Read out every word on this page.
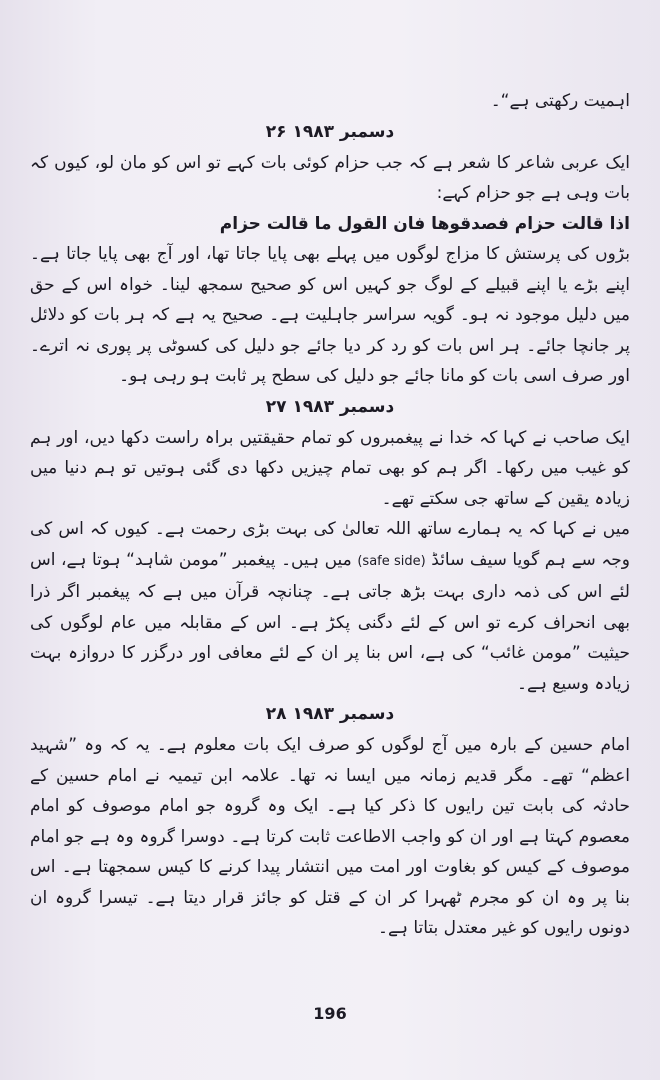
اہمیت رکھتی ہے“۔

۲۶ دسمبر ۱۹۸۳

ایک عربی شاعر کا شعر ہے کہ جب حزام کوئی بات کہے تو اس کو مان لو، کیوں کہ بات وہی ہے جو حزام کہے:

اذا قالت حزام فصدقوها فان القول ما قالت حزام

بڑوں کی پرستش کا مزاج لوگوں میں پہلے بھی پایا جاتا تھا، اور آج بھی پایا جاتا ہے۔ اپنے بڑے یا اپنے قبیلے کے لوگ جو کہیں اس کو صحیح سمجھ لینا۔ خواہ اس کے حق میں دلیل موجود نہ ہو۔ گویہ سراسر جاہلیت ہے۔ صحیح یہ ہے کہ ہر بات کو دلائل پر جانچا جائے۔ ہر اس بات کو رد کر دیا جائے جو دلیل کی کسوٹی پر پوری نہ اترے۔ اور صرف اسی بات کو مانا جائے جو دلیل کی سطح پر ثابت ہو رہی ہو۔

۲۷ دسمبر ۱۹۸۳

ایک صاحب نے کہا کہ خدا نے پیغمبروں کو تمام حقیقتیں براہ راست دکھا دیں، اور ہم کو غیب میں رکھا۔ اگر ہم کو بھی تمام چیزیں دکھا دی گئی ہوتیں تو ہم دنیا میں زیادہ یقین کے ساتھ جی سکتے تھے۔

میں نے کہا کہ یہ ہمارے ساتھ اللہ تعالیٰ کی بہت بڑی رحمت ہے۔ کیوں کہ اس کی وجہ سے ہم گویا سیف سائڈ (safe side) میں ہیں۔ پیغمبر ”مومن شاہد“ ہوتا ہے، اس لئے اس کی ذمہ داری بہت بڑھ جاتی ہے۔ چنانچہ قرآن میں ہے کہ پیغمبر اگر ذرا بھی انحراف کرے تو اس کے لئے دگنی پکڑ ہے۔ اس کے مقابلہ میں عام لوگوں کی حیثیت ”مومن غائب“ کی ہے، اس بنا پر ان کے لئے معافی اور درگزر کا دروازہ بہت زیادہ وسیع ہے۔

۲۸ دسمبر ۱۹۸۳

امام حسین کے بارہ میں آج لوگوں کو صرف ایک بات معلوم ہے۔ یہ کہ وہ ”شہید اعظم“ تھے۔ مگر قدیم زمانہ میں ایسا نہ تھا۔ علامہ ابن تیمیہ نے امام حسین کے حادثہ کی بابت تین رایوں کا ذکر کیا ہے۔ ایک وہ گروہ جو امام موصوف کو امام معصوم کہتا ہے اور ان کو واجب الاطاعت ثابت کرتا ہے۔ دوسرا گروہ وہ ہے جو امام موصوف کے کیس کو بغاوت اور امت میں انتشار پیدا کرنے کا کیس سمجھتا ہے۔ اس بنا پر وہ ان کو مجرم ٹھہرا کر ان کے قتل کو جائز قرار دیتا ہے۔ تیسرا گروہ ان دونوں رایوں کو غیر معتدل بتاتا ہے۔

196
